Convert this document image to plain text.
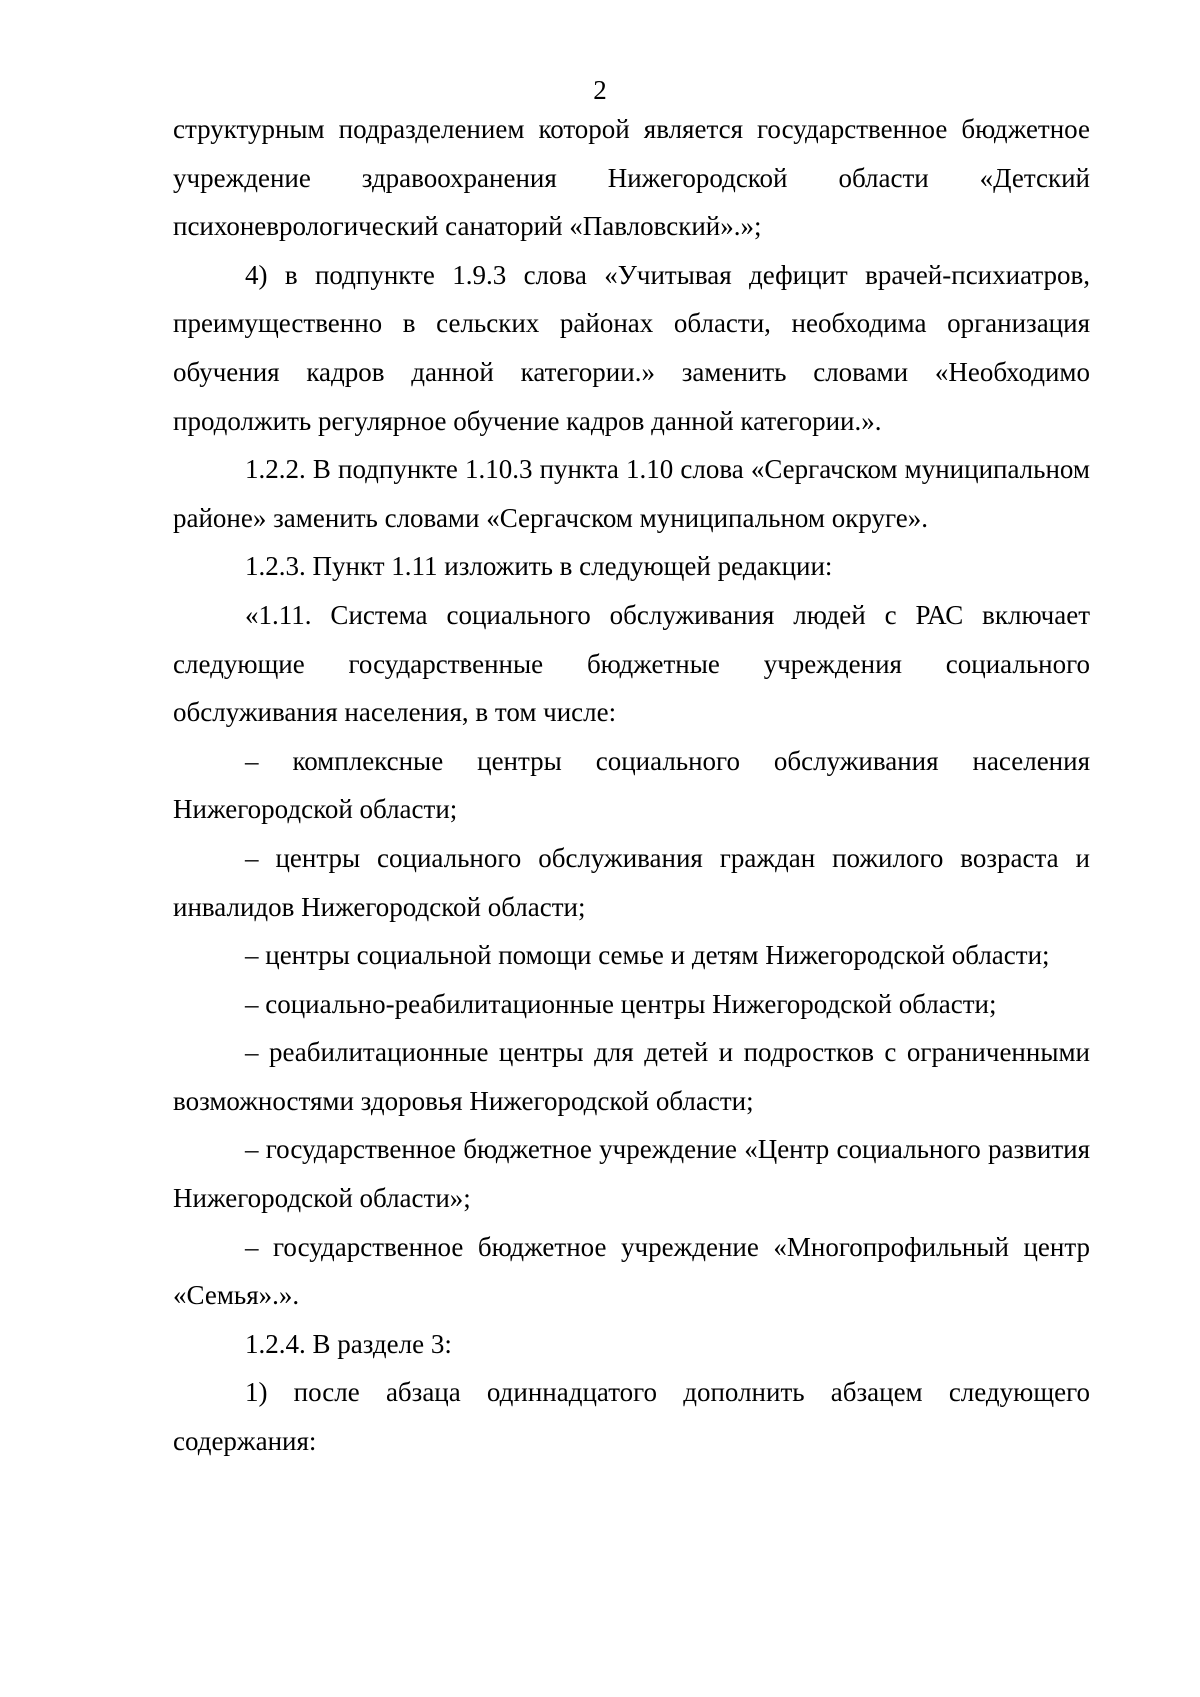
2

структурным подразделением которой является государственное бюджетное учреждение здравоохранения Нижегородской области «Детский психоневрологический санаторий «Павловский».»;

4) в подпункте 1.9.3 слова «Учитывая дефицит врачей-психиатров, преимущественно в сельских районах области, необходима организация обучения кадров данной категории.» заменить словами «Необходимо продолжить регулярное обучение кадров данной категории.».

1.2.2. В подпункте 1.10.3 пункта 1.10 слова «Сергачском муниципальном районе» заменить словами «Сергачском муниципальном округе».

1.2.3. Пункт 1.11 изложить в следующей редакции:

«1.11. Система социального обслуживания людей с РАС включает следующие государственные бюджетные учреждения социального обслуживания населения, в том числе:

– комплексные центры социального обслуживания населения Нижегородской области;

– центры социального обслуживания граждан пожилого возраста и инвалидов Нижегородской области;

– центры социальной помощи семье и детям Нижегородской области;

– социально-реабилитационные центры Нижегородской области;

– реабилитационные центры для детей и подростков с ограниченными возможностями здоровья Нижегородской области;

– государственное бюджетное учреждение «Центр социального развития Нижегородской области»;

– государственное бюджетное учреждение «Многопрофильный центр «Семья».».

1.2.4. В разделе 3:

1) после абзаца одиннадцатого дополнить абзацем следующего содержания:
